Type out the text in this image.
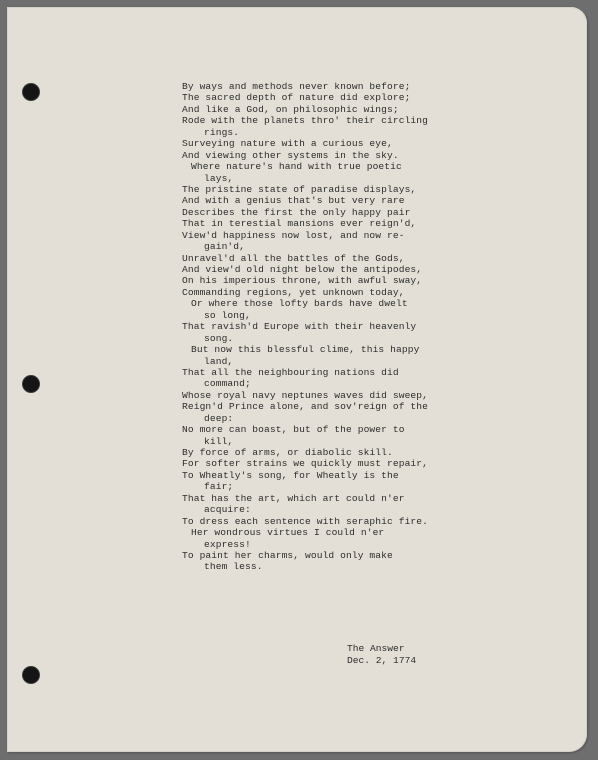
By ways and methods never known before;
The sacred depth of nature did explore;
And like a God, on philosophic wings;
Rode with the planets thro' their circling
rings.
Surveying nature with a curious eye,
And viewing other systems in the sky.
Where nature's hand with true poetic
lays,
The pristine state of paradise displays,
And with a genius that's but very rare
Describes the first the only happy pair
That in terestial mansions ever reign'd,
View'd happiness now lost, and now re-
gain'd,
Unravel'd all the battles of the Gods,
And view'd old night below the antipodes,
On his imperious throne, with awful sway,
Commanding regions, yet unknown today,
Or where those lofty bards have dwelt
so long,
That ravish'd Europe with their heavenly
song.
But now this blessful clime, this happy
land,
That all the neighbouring nations did
command;
Whose royal navy neptunes waves did sweep,
Reign'd Prince alone, and sov'reign of the
deep:
No more can boast, but of the power to
kill,
By force of arms, or diabolic skill.
For softer strains we quickly must repair,
To Wheatly's song, for Wheatly is the
fair;
That has the art, which art could n'er
acquire:
To dress each sentence with seraphic fire.
Her wondrous virtues I could n'er
express!
To paint her charms, would only make
them less.
The Answer
Dec. 2, 1774
